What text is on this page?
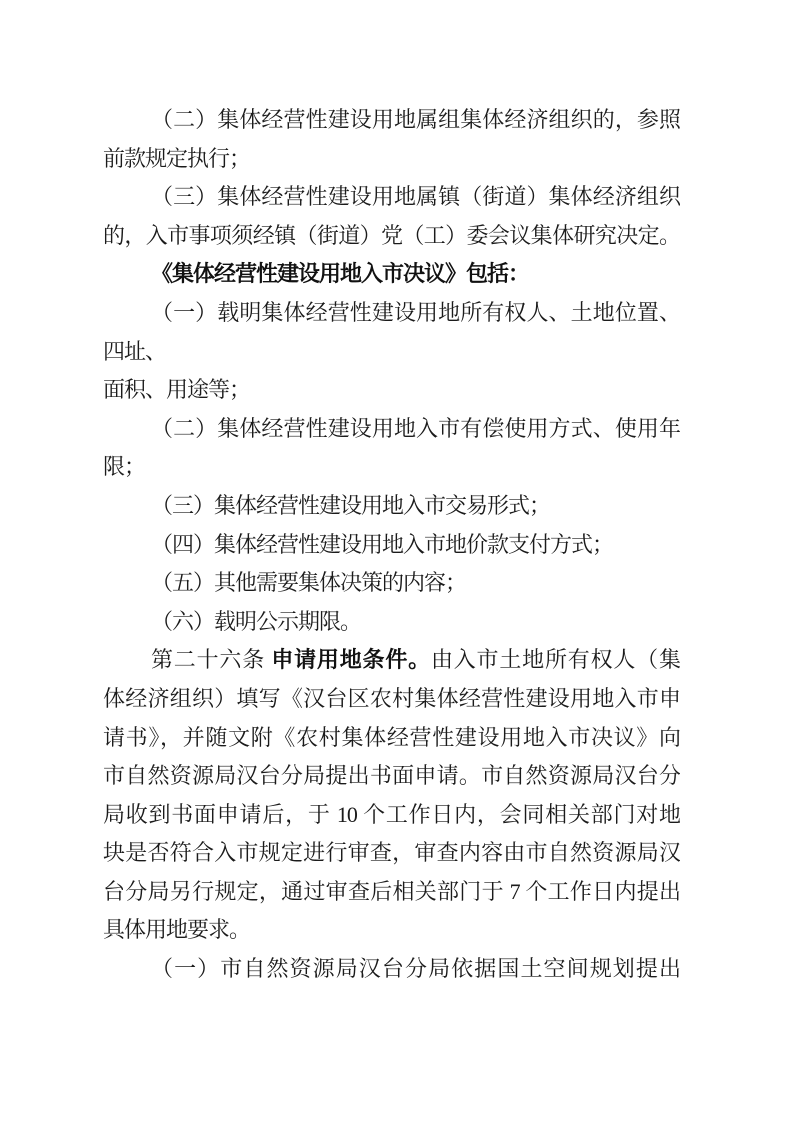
（二）集体经营性建设用地属组集体经济组织的，参照
前款规定执行；
（三）集体经营性建设用地属镇（街道）集体经济组织
的，入市事项须经镇（街道）党（工）委会议集体研究决定。
《集体经营性建设用地入市决议》包括：
（一）载明集体经营性建设用地所有权人、土地位置、
四址、
面积、用途等；
（二）集体经营性建设用地入市有偿使用方式、使用年
限；
（三）集体经营性建设用地入市交易形式；
（四）集体经营性建设用地入市地价款支付方式；
（五）其他需要集体决策的内容；
（六）载明公示期限。
第二十六条 申请用地条件。由入市土地所有权人（集
体经济组织）填写《汉台区农村集体经营性建设用地入市申
请书》，并随文附《农村集体经营性建设用地入市决议》向
市自然资源局汉台分局提出书面申请。市自然资源局汉台分
局收到书面申请后，于 10 个工作日内，会同相关部门对地
块是否符合入市规定进行审查，审查内容由市自然资源局汉
台分局另行规定，通过审查后相关部门于 7 个工作日内提出
具体用地要求。
（一）市自然资源局汉台分局依据国土空间规划提出
